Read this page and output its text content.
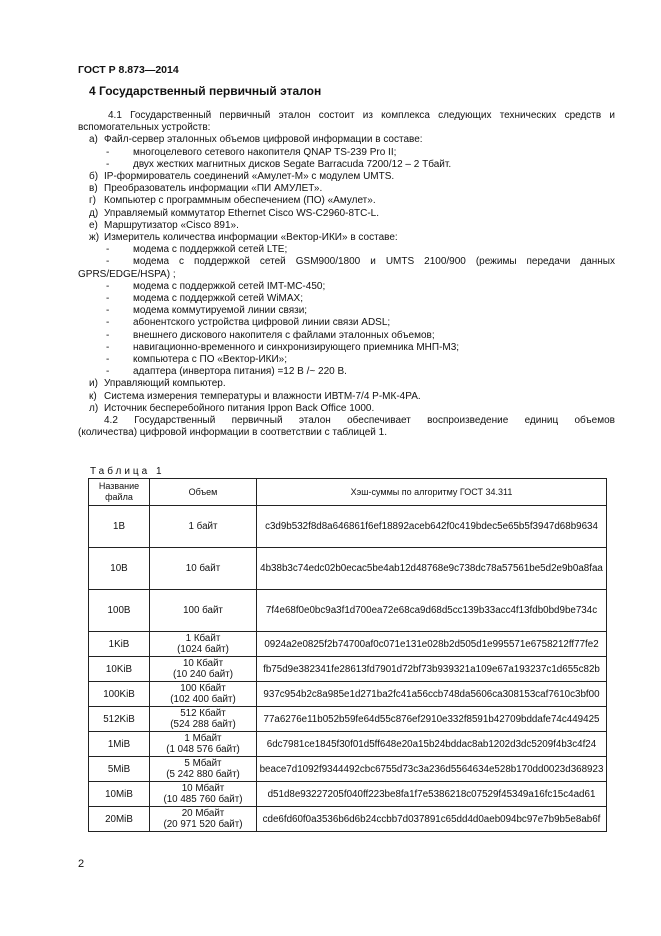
ГОСТ Р 8.873—2014
4 Государственный первичный эталон
4.1 Государственный первичный эталон состоит из комплекса следующих технических средств и
вспомогательных устройств:
а) Файл-сервер эталонных объемов цифровой информации в составе:
- многоцелевого сетевого накопителя QNAP TS-239 Pro II;
- двух жестких магнитных дисков Segate Barracuda 7200/12 – 2 Тбайт.
б) IP-формирователь соединений «Амулет-М» с модулем UMTS.
в) Преобразователь информации «ПИ АМУЛЕТ».
г) Компьютер с программным обеспечением (ПО) «Амулет».
д) Управляемый коммутатор Ethernet Cisco WS-C2960-8TC-L.
е) Маршрутизатор «Cisco 891».
ж) Измеритель количества информации «Вектор-ИКИ» в составе:
- модема с поддержкой сетей LTE;
- модема с поддержкой сетей GSM900/1800 и UMTS 2100/900 (режимы передачи данных
GPRS/EDGE/HSPA) ;
- модема с поддержкой сетей IMT-MC-450;
- модема с поддержкой сетей WiMAX;
- модема коммутируемой линии связи;
- абонентского устройства цифровой линии связи ADSL;
- внешнего дискового накопителя с файлами эталонных объемов;
- навигационно-временного и синхронизирующего приемника МНП-М3;
- компьютера с ПО «Вектор-ИКИ»;
- адаптера (инвертора питания) =12 В /~ 220 В.
и) Управляющий компьютер.
к) Система измерения температуры и влажности ИВТМ-7/4 Р-МК-4РА.
л) Источник бесперебойного питания Ippon Back Office 1000.
4.2 Государственный первичный эталон обеспечивает воспроизведение единиц объемов
(количества) цифровой информации в соответствии с таблицей 1.
Таблица 1
Название
файла	Объем	Хэш-суммы по алгоритму ГОСТ 34.311
1B	1 байт	c3d9b532f8d8a646861f6ef18892aceb642f0c419bdec5e65b5f3947d68b9634
10B	10 байт	4b38b3c74edc02b0ecac5be4ab12d48768e9c738dc78a57561be5d2e9b0a8faa
100B	100 байт	7f4e68f0e0bc9a3f1d700ea72e68ca9d68d5cc139b33acc4f13fdb0bd9be734c
1KiB	1 Кбайт
(1024 байт)	0924a2e0825f2b74700af0c071e131e028b2d505d1e995571e6758212ff77fe2
10KiB	10 Кбайт
(10 240 байт)	fb75d9e382341fe28613fd7901d72bf73b939321a109e67a193237c1d655c82b
100KiB	100 Кбайт
(102 400 байт)	937c954b2c8a985e1d271ba2fc41a56ccb748da5606ca308153caf7610c3bf00
512KiB	512 Кбайт
(524 288 байт)	77a6276e11b052b59fe64d55c876ef2910e332f8591b42709bddafe74c449425
1MiB	1 Мбайт
(1 048 576 байт)	6dc7981ce1845f30f01d5ff648e20a15b24bddac8ab1202d3dc5209f4b3c4f24
5MiB	5 Мбайт
(5 242 880 байт)	beace7d1092f9344492cbc6755d73c3a236d5564634e528b170dd0023d368923
10MiB	10 Мбайт
(10 485 760 байт)	d51d8e93227205f040ff223be8fa1f7e5386218c07529f45349a16fc15c4ad61
20MiB	20 Мбайт
(20 971 520 байт)	cde6fd60f0a3536b6d6b24ccbb7d037891c65dd4d0aeb094bc97e7b9b5e8ab6f
2
